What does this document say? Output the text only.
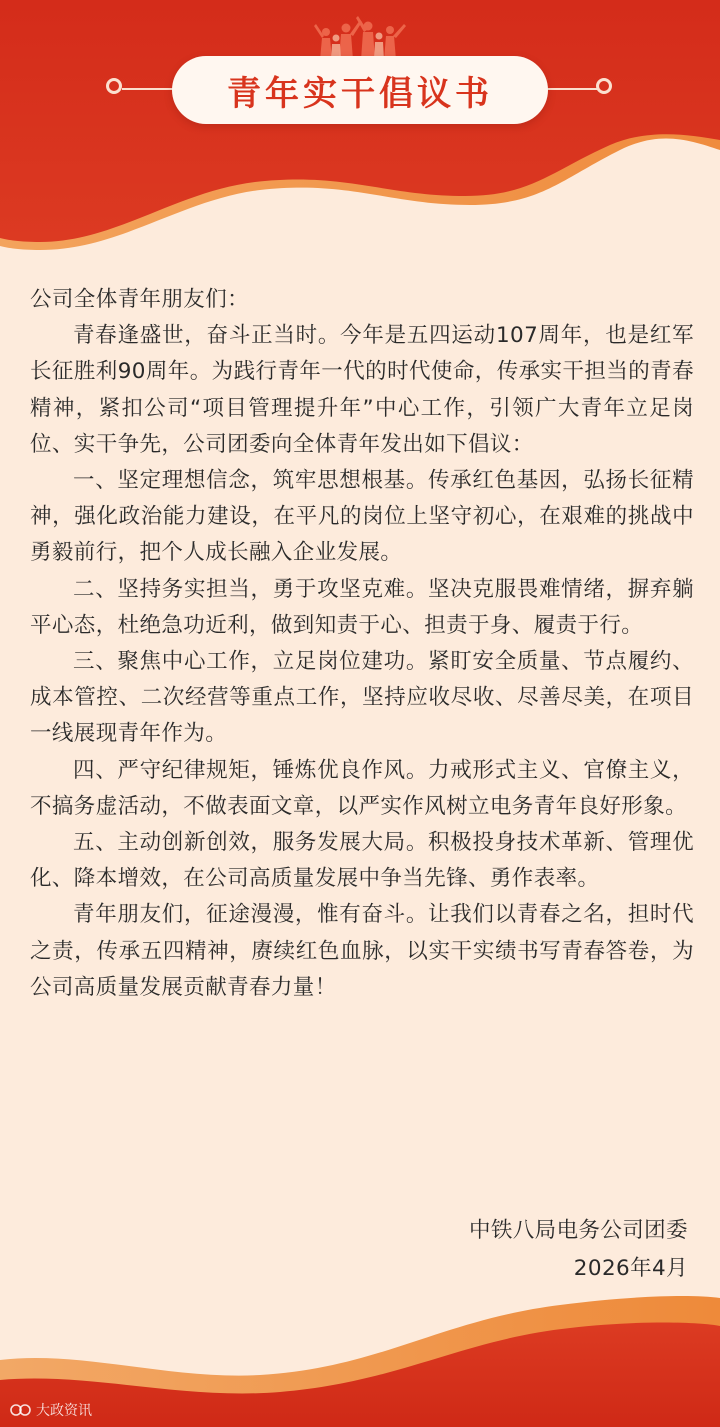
青年实干倡议书

公司全体青年朋友们：

青春逢盛世，奋斗正当时。今年是五四运动107周年，也是红军长征胜利90周年。为践行青年一代的时代使命，传承实干担当的青春精神，紧扣公司“项目管理提升年”中心工作，引领广大青年立足岗位、实干争先，公司团委向全体青年发出如下倡议：

一、坚定理想信念，筑牢思想根基。传承红色基因，弘扬长征精神，强化政治能力建设，在平凡的岗位上坚守初心，在艰难的挑战中勇毅前行，把个人成长融入企业发展。

二、坚持务实担当，勇于攻坚克难。坚决克服畏难情绪，摒弃躺平心态，杜绝急功近利，做到知责于心、担责于身、履责于行。

三、聚焦中心工作，立足岗位建功。紧盯安全质量、节点履约、成本管控、二次经营等重点工作，坚持应收尽收、尽善尽美，在项目一线展现青年作为。

四、严守纪律规矩，锤炼优良作风。力戒形式主义、官僚主义，不搞务虚活动，不做表面文章，以严实作风树立电务青年良好形象。

五、主动创新创效，服务发展大局。积极投身技术革新、管理优化、降本增效，在公司高质量发展中争当先锋、勇作表率。

青年朋友们，征途漫漫，惟有奋斗。让我们以青春之名，担时代之责，传承五四精神，赓续红色血脉，以实干实绩书写青春答卷，为公司高质量发展贡献青春力量！

中铁八局电务公司团委
2026年4月
大政资讯
